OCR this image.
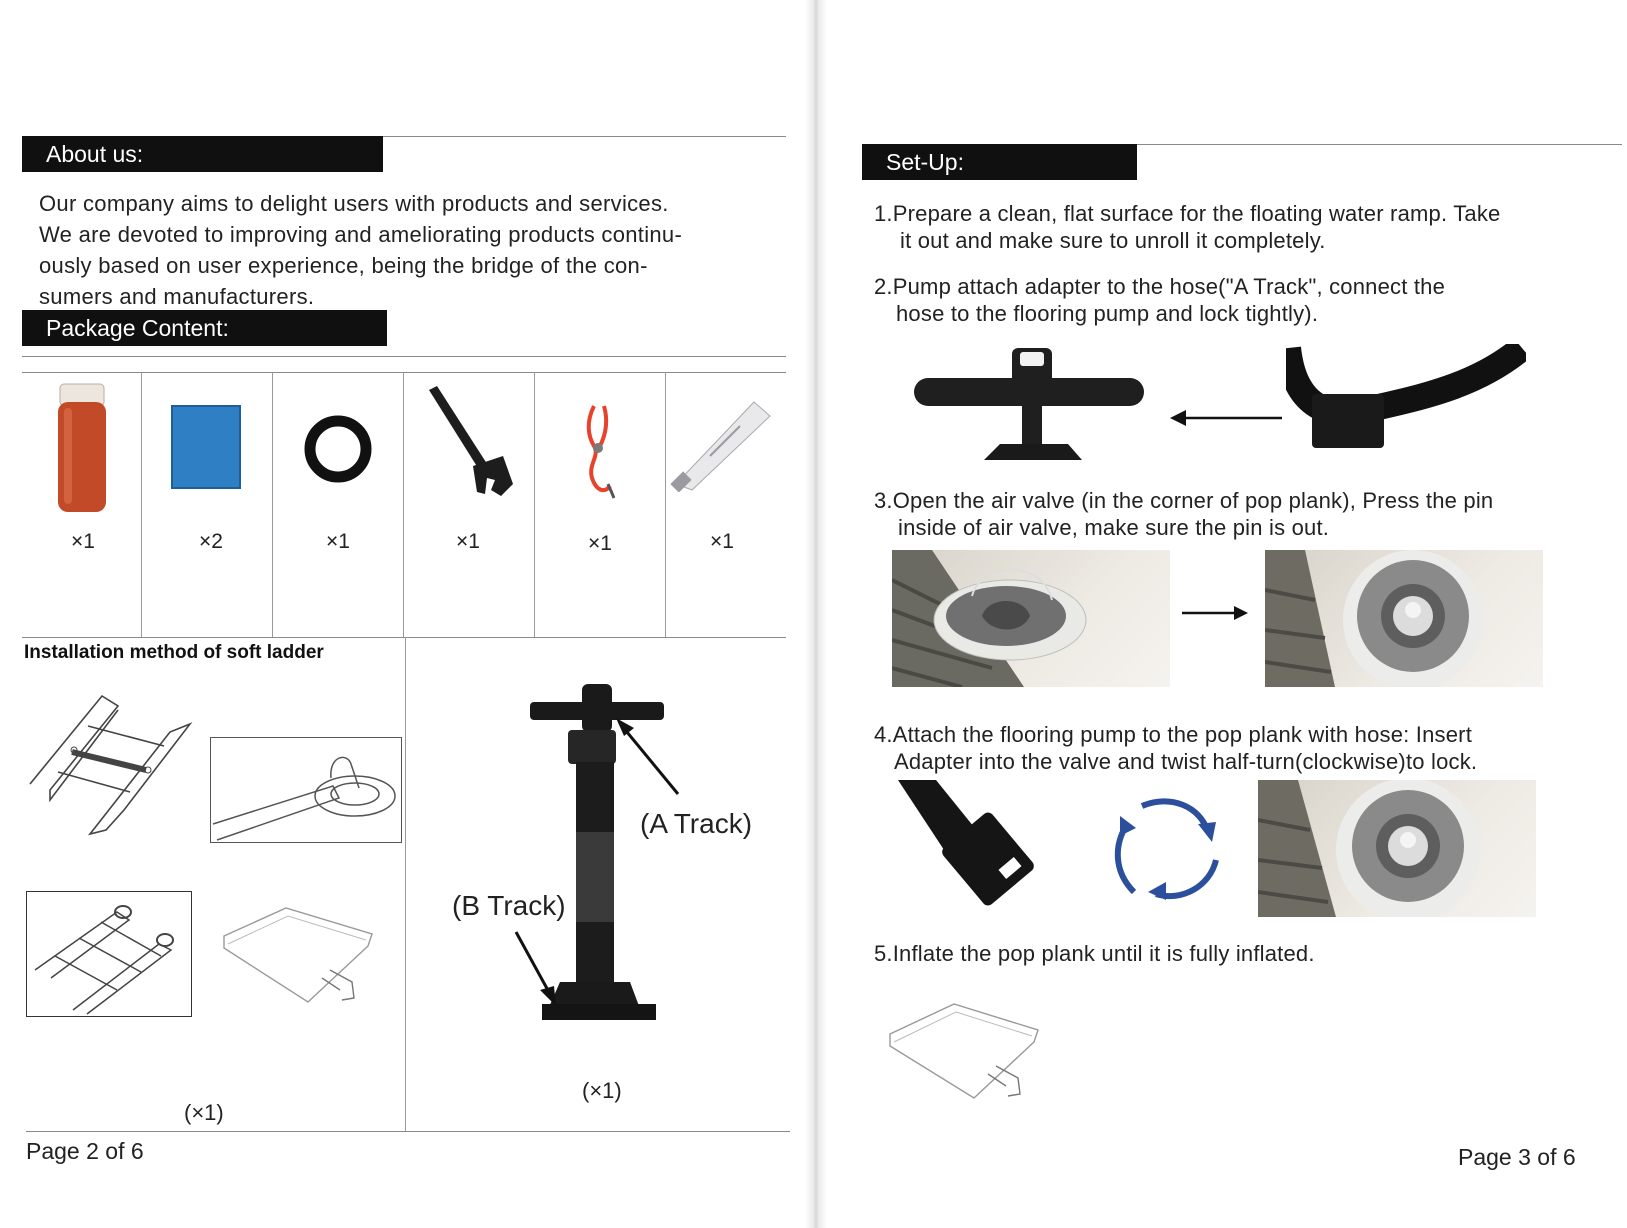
About us:
Our company aims to delight users with products and services.
We are devoted to improving and ameliorating products continu-
ously based on user experience, being the bridge of the con-
sumers and manufacturers.
Package Content:
×1	×2	×1	×1	×1	×1
Installation method of soft ladder
(×1)
(A Track)
(B Track)
(×1)
Page 2 of 6
Set-Up:
1.Prepare a clean, flat surface for the floating water ramp. Take
it out and make sure to unroll it completely.
2.Pump attach adapter to the hose("A Track", connect the
hose to the flooring pump and lock tightly).
3.Open the air valve (in the corner of pop plank), Press the pin
inside of air valve, make sure the pin is out.
4.Attach the flooring pump to the pop plank with hose: Insert
Adapter into the valve and twist half-turn(clockwise)to lock.
5.Inflate the pop plank until it is fully inflated.
Page 3 of 6
